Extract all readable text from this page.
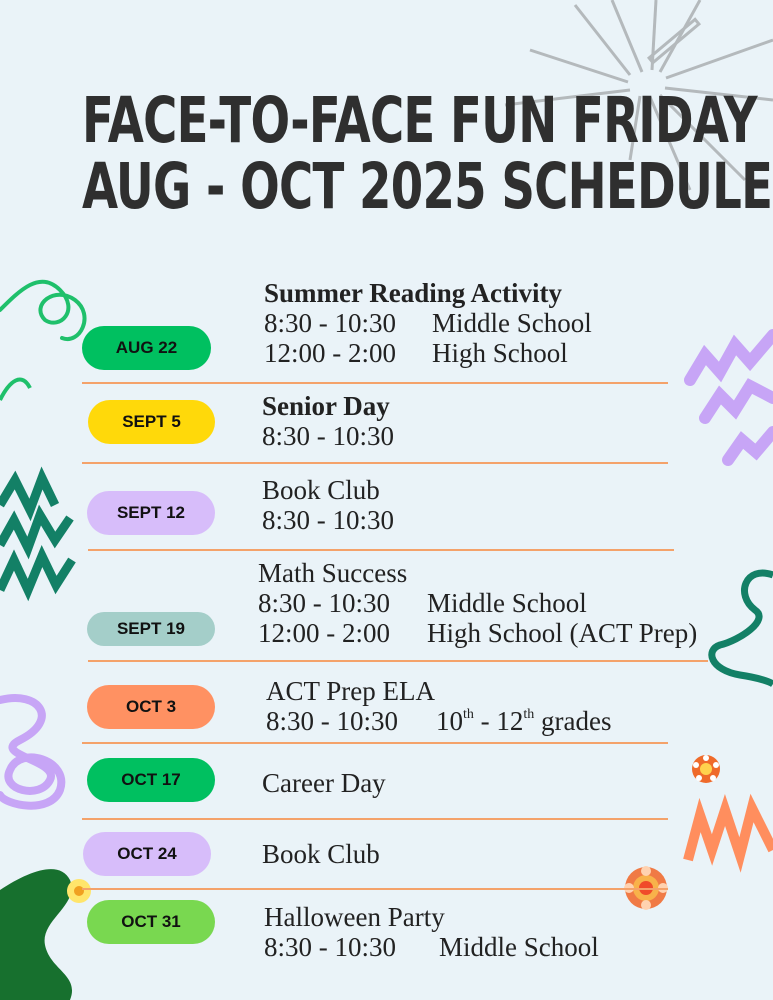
FACE-TO-FACE FUN FRIDAY
AUG - OCT 2025 SCHEDULE
AUG 22
Summer Reading Activity
8:30 - 10:30 Middle School
12:00 - 2:00 High School
SEPT 5
Senior Day
8:30 - 10:30
SEPT 12
Book Club
8:30 - 10:30
SEPT 19
Math Success
8:30 - 10:30 Middle School
12:00 - 2:00 High School (ACT Prep)
OCT 3
ACT Prep ELA
8:30 - 10:30 10th - 12th grades
OCT 17	Career Day
OCT 24	Book Club
OCT 31	Halloween Party
8:30 - 10:30 Middle School
